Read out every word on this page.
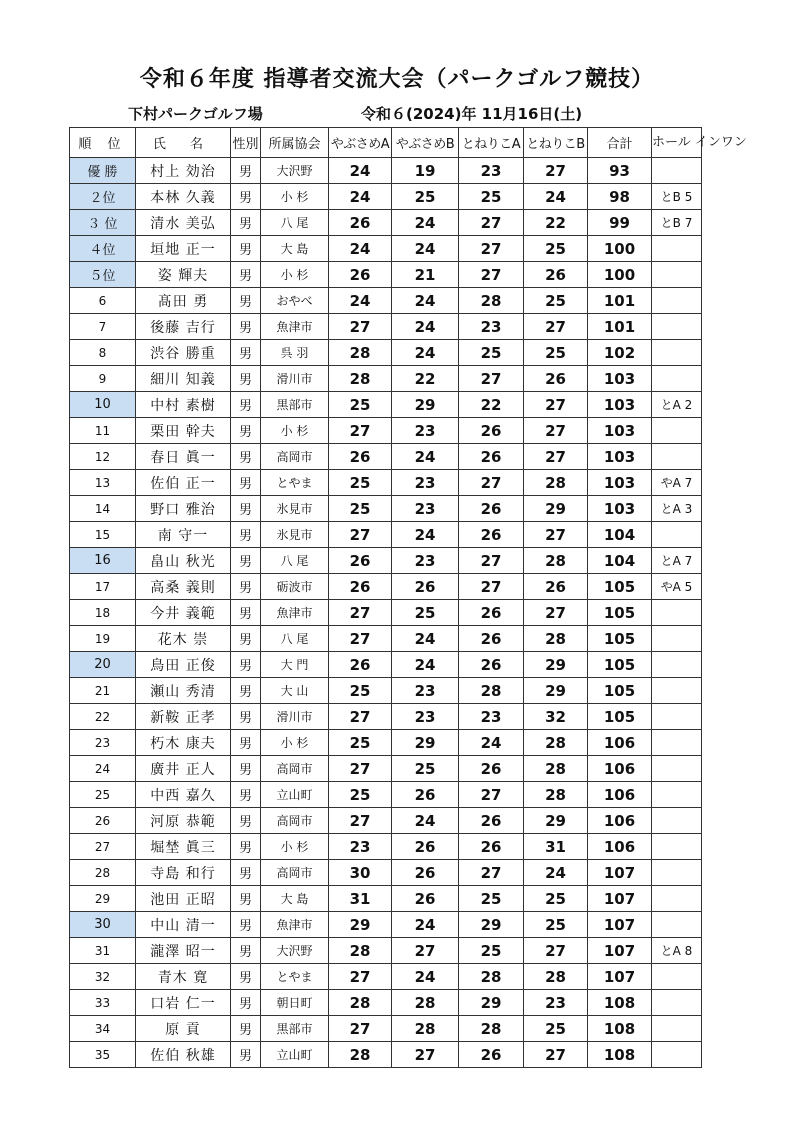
令和６年度 指導者交流大会（パークゴルフ競技）
下村パークゴルフ場	令和６(2024)年 11月16日(土)
順 位	氏 名	性別	所属協会	やぶさめA	やぶさめB	とねりこA	とねりこB	合計	ホール インワン
優 勝	村上 効治	男	大沢野	24	19	23	27	93	
２位	本林 久義	男	小 杉	24	25	25	24	98	とB 5
３ 位	清水 美弘	男	八 尾	26	24	27	22	99	とB 7
４位	垣地 正一	男	大 島	24	24	27	25	100	
５位	姿 輝夫	男	小 杉	26	21	27	26	100	
6	髙田 勇	男	おやべ	24	24	28	25	101	
7	後藤 吉行	男	魚津市	27	24	23	27	101	
8	渋谷 勝重	男	呉 羽	28	24	25	25	102	
9	細川 知義	男	滑川市	28	22	27	26	103	
10	中村 素樹	男	黒部市	25	29	22	27	103	とA 2
11	栗田 幹夫	男	小 杉	27	23	26	27	103	
12	春日 眞一	男	高岡市	26	24	26	27	103	
13	佐伯 正一	男	とやま	25	23	27	28	103	やA 7
14	野口 雅治	男	氷見市	25	23	26	29	103	とA 3
15	南 守一	男	氷見市	27	24	26	27	104	
16	畠山 秋光	男	八 尾	26	23	27	28	104	とA 7
17	高桑 義則	男	砺波市	26	26	27	26	105	やA 5
18	今井 義範	男	魚津市	27	25	26	27	105	
19	花木 崇	男	八 尾	27	24	26	28	105	
20	鳥田 正俊	男	大 門	26	24	26	29	105	
21	瀬山 秀清	男	大 山	25	23	28	29	105	
22	新鞍 正孝	男	滑川市	27	23	23	32	105	
23	朽木 康夫	男	小 杉	25	29	24	28	106	
24	廣井 正人	男	高岡市	27	25	26	28	106	
25	中西 嘉久	男	立山町	25	26	27	28	106	
26	河原 恭範	男	高岡市	27	24	26	29	106	
27	堀埜 眞三	男	小 杉	23	26	26	31	106	
28	寺島 和行	男	高岡市	30	26	27	24	107	
29	池田 正昭	男	大 島	31	26	25	25	107	
30	中山 清一	男	魚津市	29	24	29	25	107	
31	瀧澤 昭一	男	大沢野	28	27	25	27	107	とA 8
32	青木 寛	男	とやま	27	24	28	28	107	
33	口岩 仁一	男	朝日町	28	28	29	23	108	
34	原 貢	男	黒部市	27	28	28	25	108	
35	佐伯 秋雄	男	立山町	28	27	26	27	108	
